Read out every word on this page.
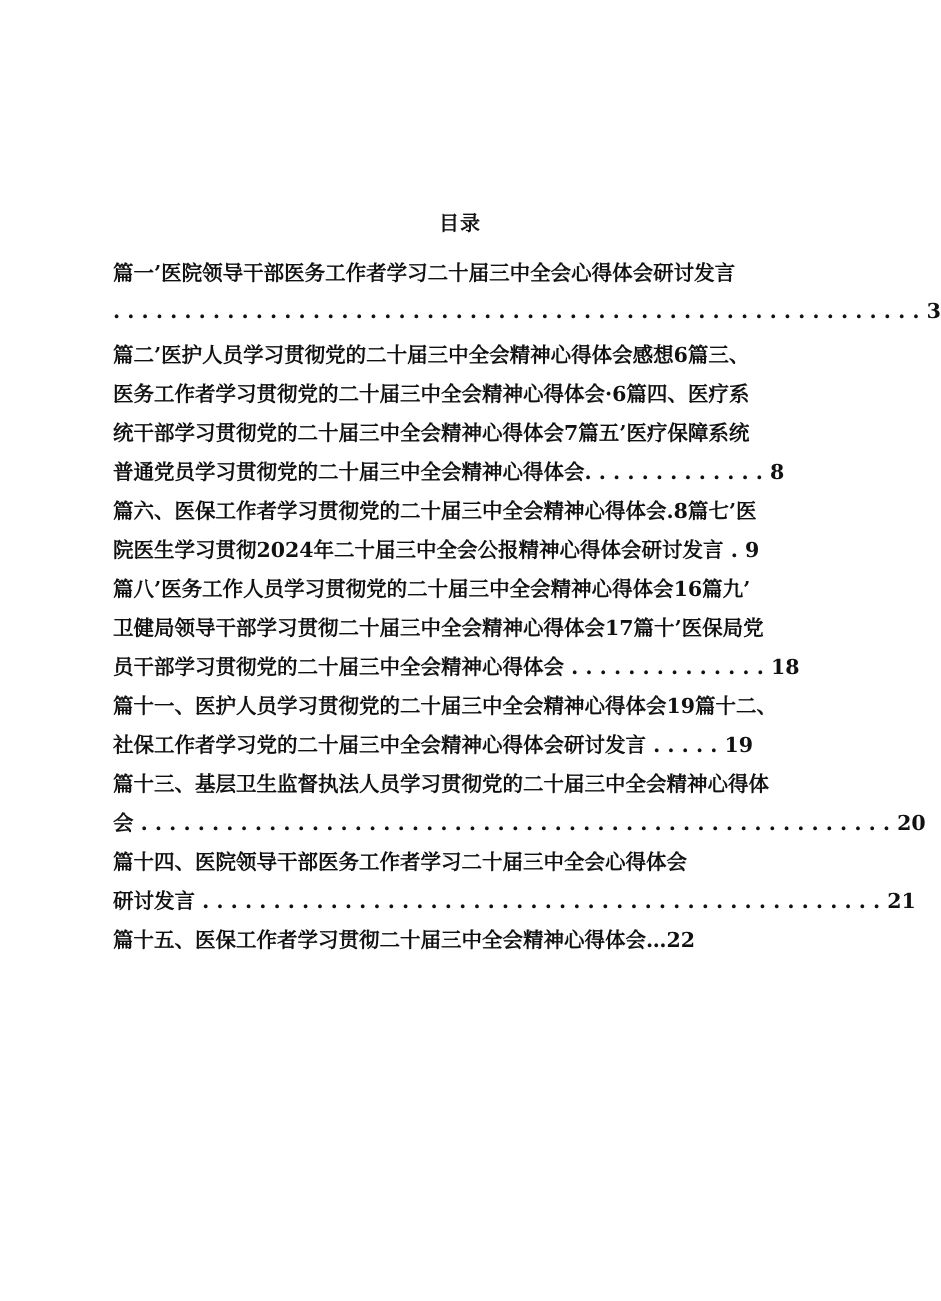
目录
篇一’医院领导干部医务工作者学习二十届三中全会心得体会研讨发言
. . . . . . . . . . . . . . . . . . . . . . . . . . . . . . . . . . . . . . . . . . . . . . . . . . . . . . . . . 3
篇二’医护人员学习贯彻党的二十届三中全会精神心得体会感想6篇三、
医务工作者学习贯彻党的二十届三中全会精神心得体会·6篇四、医疗系
统干部学习贯彻党的二十届三中全会精神心得体会7篇五’医疗保障系统
普通党员学习贯彻党的二十届三中全会精神心得体会. . . . . . . . . . . . . 8
篇六、医保工作者学习贯彻党的二十届三中全会精神心得体会.8篇七’医
院医生学习贯彻2024年二十届三中全会公报精神心得体会研讨发言 . 9
篇八’医务工作人员学习贯彻党的二十届三中全会精神心得体会16篇九’
卫健局领导干部学习贯彻二十届三中全会精神心得体会17篇十’医保局党
员干部学习贯彻党的二十届三中全会精神心得体会 . . . . . . . . . . . . . . 18
篇十一、医护人员学习贯彻党的二十届三中全会精神心得体会19篇十二、
社保工作者学习党的二十届三中全会精神心得体会研讨发言 . . . . . 19
篇十三、基层卫生监督执法人员学习贯彻党的二十届三中全会精神心得体
会 . . . . . . . . . . . . . . . . . . . . . . . . . . . . . . . . . . . . . . . . . . . . . . . . . . . . . 20
篇十四、医院领导干部医务工作者学习二十届三中全会心得体会
研讨发言 . . . . . . . . . . . . . . . . . . . . . . . . . . . . . . . . . . . . . . . . . . . . . . . . 21
篇十五、医保工作者学习贯彻二十届三中全会精神心得体会…22
